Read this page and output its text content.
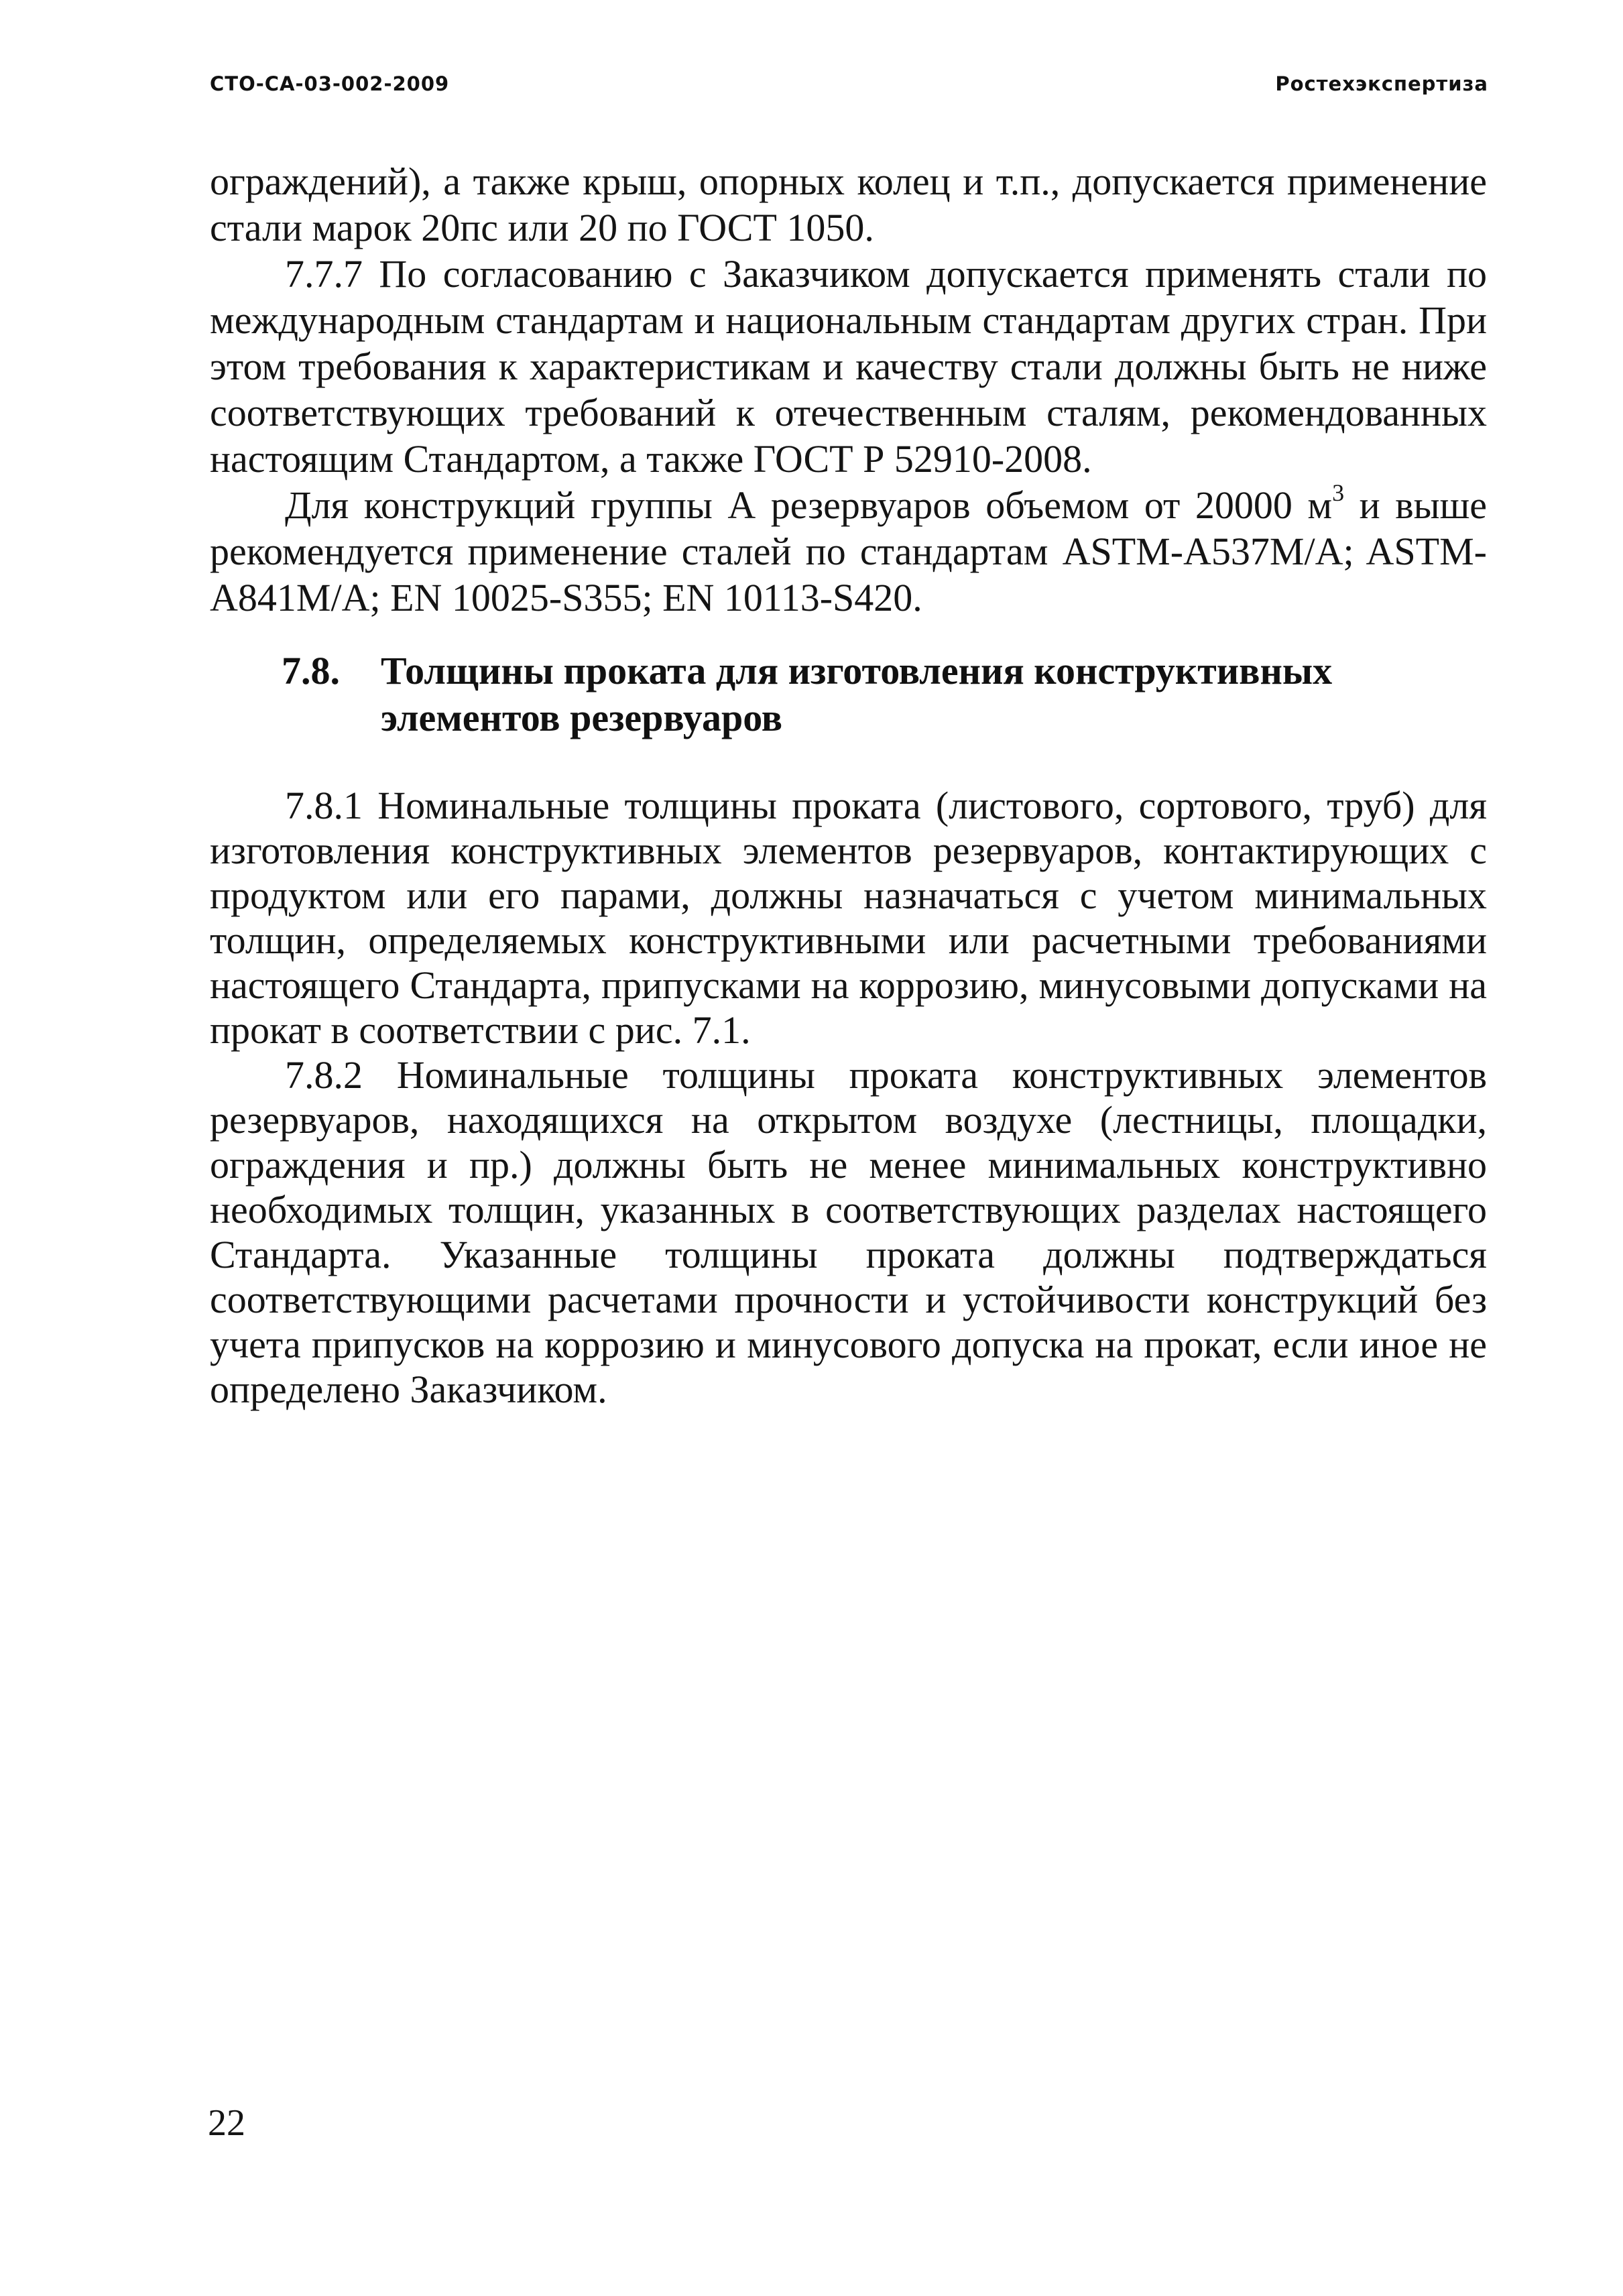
СТО-СА-03-002-2009	Ростехэкспертиза

ограждений), а также крыш, опорных колец и т.п., допускается применение стали марок 20пс или 20 по ГОСТ 1050.

7.7.7 По согласованию с Заказчиком допускается применять стали по международным стандартам и национальным стандартам других стран. При этом требования к характеристикам и качеству стали должны быть не ниже соответствующих требований к отечественным сталям, рекомендованных настоящим Стандартом, а также ГОСТ Р 52910-2008.

Для конструкций группы А резервуаров объемом от 20000 $м^3$ и выше рекомендуется применение сталей по стандартам ASTM-A537M/A; ASTM-A841M/A; EN 10025-S355; EN 10113-S420.

7.8. Толщины проката для изготовления конструктивных элементов резервуаров

7.8.1 Номинальные толщины проката (листового, сортового, труб) для изготовления конструктивных элементов резервуаров, контактирующих с продуктом или его парами, должны назначаться с учетом минимальных толщин, определяемых конструктивными или расчетными требованиями настоящего Стандарта, припусками на коррозию, минусовыми допусками на прокат в соответствии с рис. 7.1.

7.8.2 Номинальные толщины проката конструктивных элементов резервуаров, находящихся на открытом воздухе (лестницы, площадки, ограждения и пр.) должны быть не менее минимальных конструктивно необходимых толщин, указанных в соответствующих разделах настоящего Стандарта. Указанные толщины проката должны подтверждаться соответствующими расчетами прочности и устойчивости конструкций без учета припусков на коррозию и минусового допуска на прокат, если иное не определено Заказчиком.

22
